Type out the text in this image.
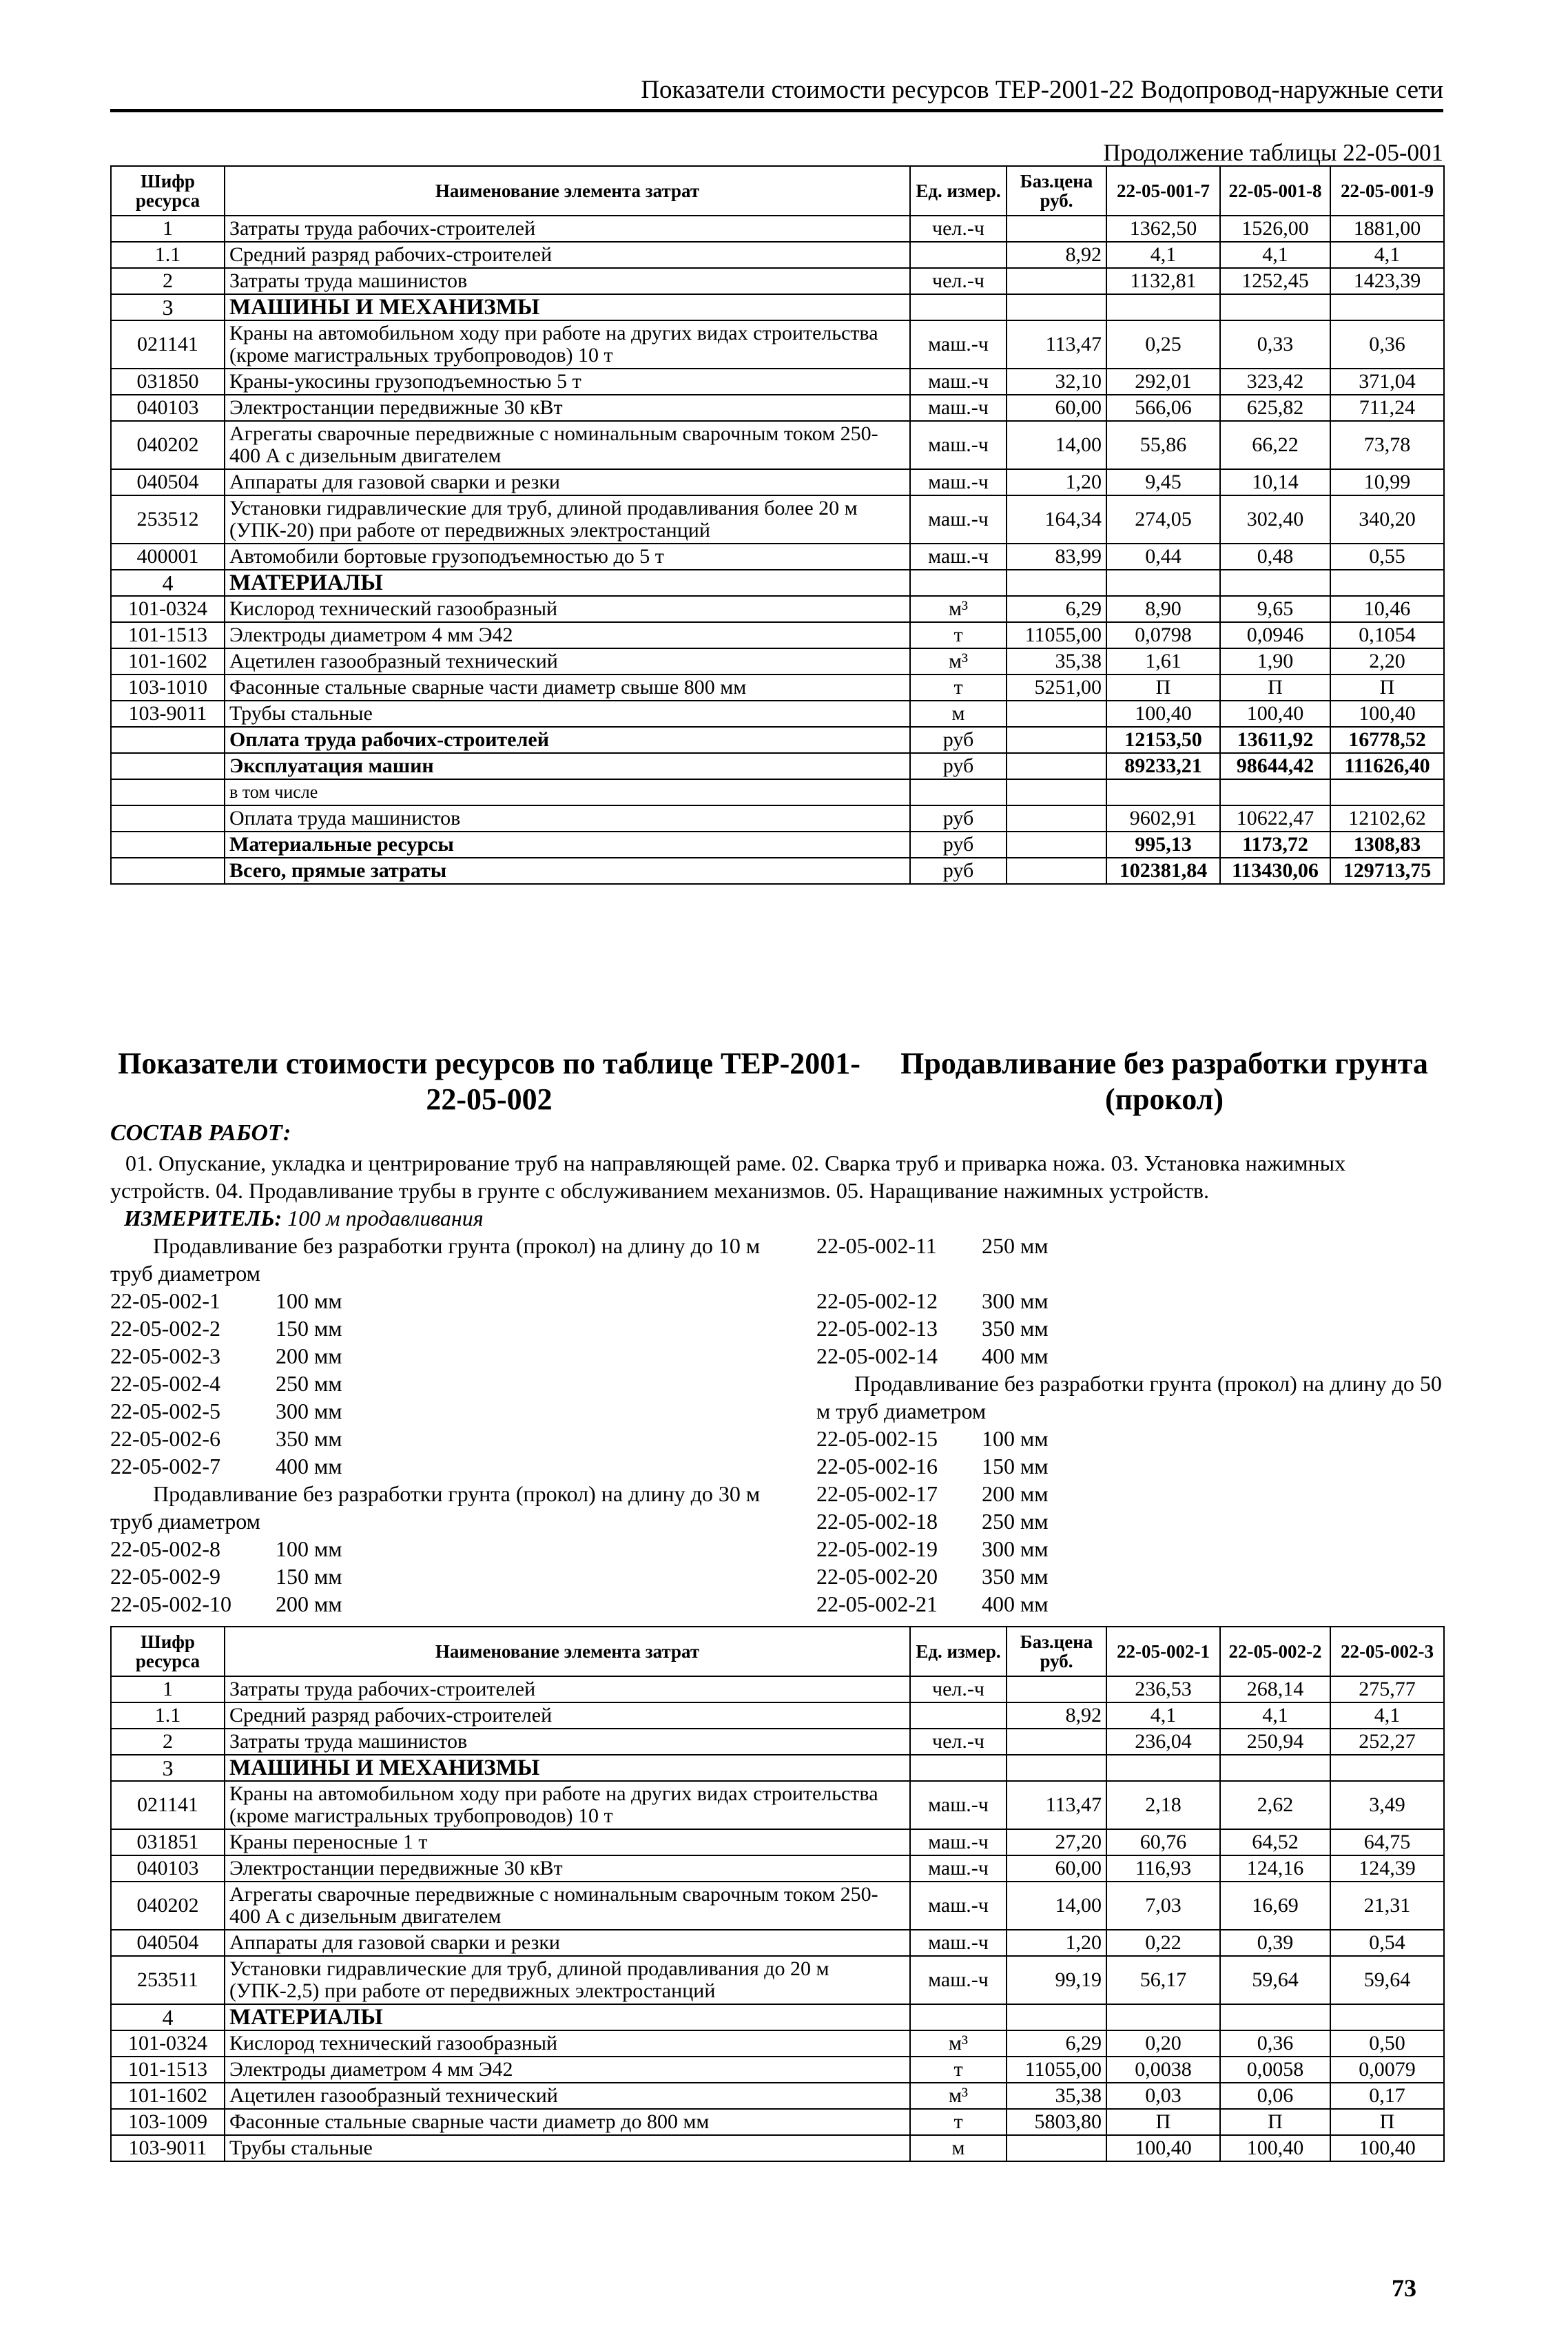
Показатели стоимости ресурсов ТЕР-2001-22 Водопровод-наружные сети
Продолжение таблицы 22-05-001
Шифр ресурса	Наименование элемента затрат	Ед. измер.	Баз.цена руб.	22-05-001-7	22-05-001-8	22-05-001-9
1	Затраты труда рабочих-строителей	чел.-ч		1362,50	1526,00	1881,00
1.1	Средний разряд рабочих-строителей		8,92	4,1	4,1	4,1
2	Затраты труда машинистов	чел.-ч		1132,81	1252,45	1423,39
3	МАШИНЫ И МЕХАНИЗМЫ					
021141	Краны на автомобильном ходу при работе на других видах строительства (кроме магистральных трубопроводов) 10 т	маш.-ч	113,47	0,25	0,33	0,36
031850	Краны-укосины грузоподъемностью 5 т	маш.-ч	32,10	292,01	323,42	371,04
040103	Электростанции передвижные 30 кВт	маш.-ч	60,00	566,06	625,82	711,24
040202	Агрегаты сварочные передвижные с номинальным сварочным током 250-400 А с дизельным двигателем	маш.-ч	14,00	55,86	66,22	73,78
040504	Аппараты для газовой сварки и резки	маш.-ч	1,20	9,45	10,14	10,99
253512	Установки гидравлические для труб, длиной продавливания более 20 м (УПК-20) при работе от передвижных электростанций	маш.-ч	164,34	274,05	302,40	340,20
400001	Автомобили бортовые грузоподъемностью до 5 т	маш.-ч	83,99	0,44	0,48	0,55
4	МАТЕРИАЛЫ					
101-0324	Кислород технический газообразный	м³	6,29	8,90	9,65	10,46
101-1513	Электроды диаметром 4 мм Э42	т	11055,00	0,0798	0,0946	0,1054
101-1602	Ацетилен газообразный технический	м³	35,38	1,61	1,90	2,20
103-1010	Фасонные стальные сварные части диаметр свыше 800 мм	т	5251,00	П	П	П
103-9011	Трубы стальные	м		100,40	100,40	100,40
	Оплата труда рабочих-строителей	руб		12153,50	13611,92	16778,52
	Эксплуатация машин	руб		89233,21	98644,42	111626,40
	в том числе					
	Оплата труда машинистов	руб		9602,91	10622,47	12102,62
	Материальные ресурсы	руб		995,13	1173,72	1308,83
	Всего, прямые затраты	руб		102381,84	113430,06	129713,75
Показатели стоимости ресурсов по таблице ТЕР-2001-22-05-002
Продавливание без разработки грунта (прокол)
СОСТАВ РАБОТ:
01. Опускание, укладка и центрирование труб на направляющей раме. 02. Сварка труб и приварка ножа. 03. Установка нажимных устройств. 04. Продавливание трубы в грунте с обслуживанием механизмов. 05. Наращивание нажимных устройств.
ИЗМЕРИТЕЛЬ: 100 м продавливания
Продавливание без разработки грунта (прокол) на длину до 10 м труб диаметром
22-05-002-1	100 мм
22-05-002-2	150 мм
22-05-002-3	200 мм
22-05-002-4	250 мм
22-05-002-5	300 мм
22-05-002-6	350 мм
22-05-002-7	400 мм
Продавливание без разработки грунта (прокол) на длину до 30 м труб диаметром
22-05-002-8	100 мм
22-05-002-9	150 мм
22-05-002-10 200 мм
22-05-002-11 250 мм
22-05-002-12 300 мм
22-05-002-13 350 мм
22-05-002-14 400 мм
Продавливание без разработки грунта (прокол) на длину до 50 м труб диаметром
22-05-002-15 100 мм
22-05-002-16 150 мм
22-05-002-17 200 мм
22-05-002-18 250 мм
22-05-002-19 300 мм
22-05-002-20 350 мм
22-05-002-21 400 мм
Шифр ресурса	Наименование элемента затрат	Ед. измер.	Баз.цена руб.	22-05-002-1	22-05-002-2	22-05-002-3
1	Затраты труда рабочих-строителей	чел.-ч		236,53	268,14	275,77
1.1	Средний разряд рабочих-строителей		8,92	4,1	4,1	4,1
2	Затраты труда машинистов	чел.-ч		236,04	250,94	252,27
3	МАШИНЫ И МЕХАНИЗМЫ					
021141	Краны на автомобильном ходу при работе на других видах строительства (кроме магистральных трубопроводов) 10 т	маш.-ч	113,47	2,18	2,62	3,49
031851	Краны переносные 1 т	маш.-ч	27,20	60,76	64,52	64,75
040103	Электростанции передвижные 30 кВт	маш.-ч	60,00	116,93	124,16	124,39
040202	Агрегаты сварочные передвижные с номинальным сварочным током 250-400 А с дизельным двигателем	маш.-ч	14,00	7,03	16,69	21,31
040504	Аппараты для газовой сварки и резки	маш.-ч	1,20	0,22	0,39	0,54
253511	Установки гидравлические для труб, длиной продавливания до 20 м (УПК-2,5) при работе от передвижных электростанций	маш.-ч	99,19	56,17	59,64	59,64
4	МАТЕРИАЛЫ					
101-0324	Кислород технический газообразный	м³	6,29	0,20	0,36	0,50
101-1513	Электроды диаметром 4 мм Э42	т	11055,00	0,0038	0,0058	0,0079
101-1602	Ацетилен газообразный технический	м³	35,38	0,03	0,06	0,17
103-1009	Фасонные стальные сварные части диаметр до 800 мм	т	5803,80	П	П	П
103-9011	Трубы стальные	м		100,40	100,40	100,40
73
